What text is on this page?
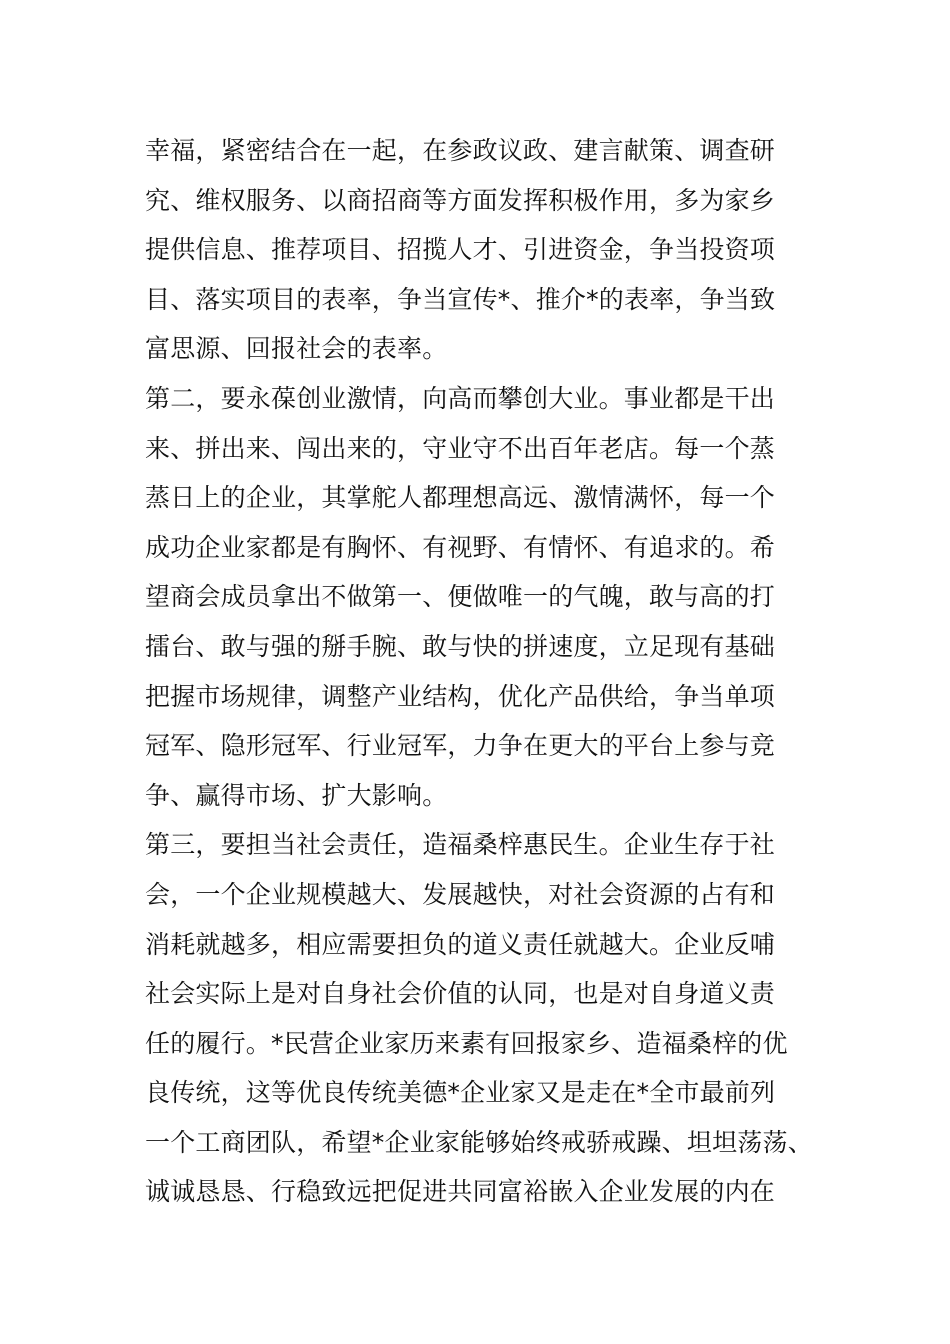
幸福，紧密结合在一起，在参政议政、建言献策、调查研
究、维权服务、以商招商等方面发挥积极作用，多为家乡
提供信息、推荐项目、招揽人才、引进资金，争当投资项
目、落实项目的表率，争当宣传*、推介*的表率，争当致
富思源、回报社会的表率。
第二，要永葆创业激情，向高而攀创大业。事业都是干出
来、拼出来、闯出来的，守业守不出百年老店。每一个蒸
蒸日上的企业，其掌舵人都理想高远、激情满怀，每一个
成功企业家都是有胸怀、有视野、有情怀、有追求的。希
望商会成员拿出不做第一、便做唯一的气魄，敢与高的打
擂台、敢与强的掰手腕、敢与快的拼速度，立足现有基础
把握市场规律，调整产业结构，优化产品供给，争当单项
冠军、隐形冠军、行业冠军，力争在更大的平台上参与竞
争、赢得市场、扩大影响。
第三，要担当社会责任，造福桑梓惠民生。企业生存于社
会，一个企业规模越大、发展越快，对社会资源的占有和
消耗就越多，相应需要担负的道义责任就越大。企业反哺
社会实际上是对自身社会价值的认同，也是对自身道义责
任的履行。*民营企业家历来素有回报家乡、造福桑梓的优
良传统，这等优良传统美德*企业家又是走在*全市最前列
一个工商团队，希望*企业家能够始终戒骄戒躁、坦坦荡荡、
诚诚恳恳、行稳致远把促进共同富裕嵌入企业发展的内在
